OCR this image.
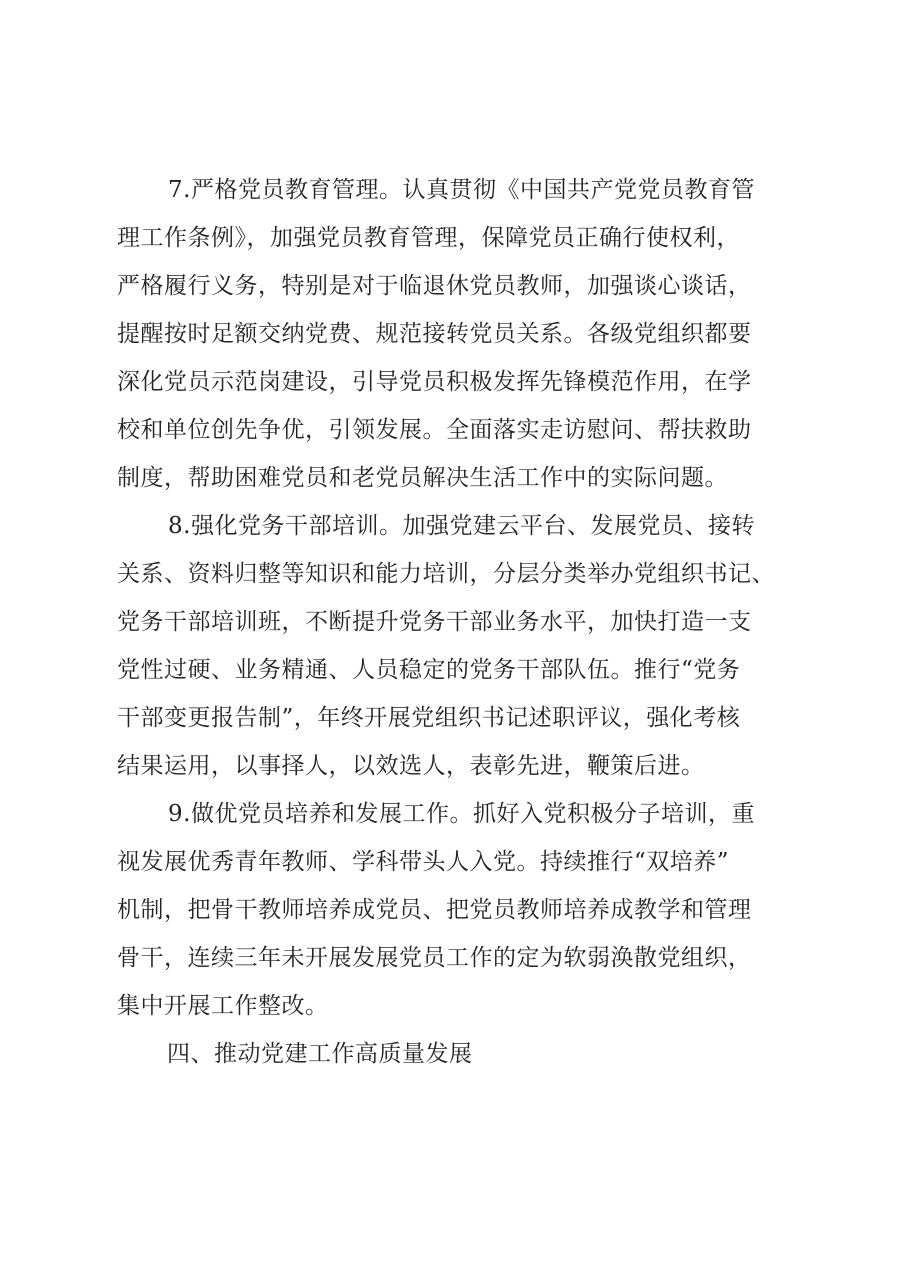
7.严格党员教育管理。认真贯彻《中国共产党党员教育管
理工作条例》，加强党员教育管理，保障党员正确行使权利，
严格履行义务，特别是对于临退休党员教师，加强谈心谈话，
提醒按时足额交纳党费、规范接转党员关系。各级党组织都要
深化党员示范岗建设，引导党员积极发挥先锋模范作用，在学
校和单位创先争优，引领发展。全面落实走访慰问、帮扶救助
制度，帮助困难党员和老党员解决生活工作中的实际问题。
8.强化党务干部培训。加强党建云平台、发展党员、接转
关系、资料归整等知识和能力培训，分层分类举办党组织书记、
党务干部培训班，不断提升党务干部业务水平，加快打造一支
党性过硬、业务精通、人员稳定的党务干部队伍。推行“党务
干部变更报告制”，年终开展党组织书记述职评议，强化考核
结果运用，以事择人，以效选人，表彰先进，鞭策后进。
9.做优党员培养和发展工作。抓好入党积极分子培训，重
视发展优秀青年教师、学科带头人入党。持续推行“双培养”
机制，把骨干教师培养成党员、把党员教师培养成教学和管理
骨干，连续三年未开展发展党员工作的定为软弱涣散党组织，
集中开展工作整改。
四、推动党建工作高质量发展
